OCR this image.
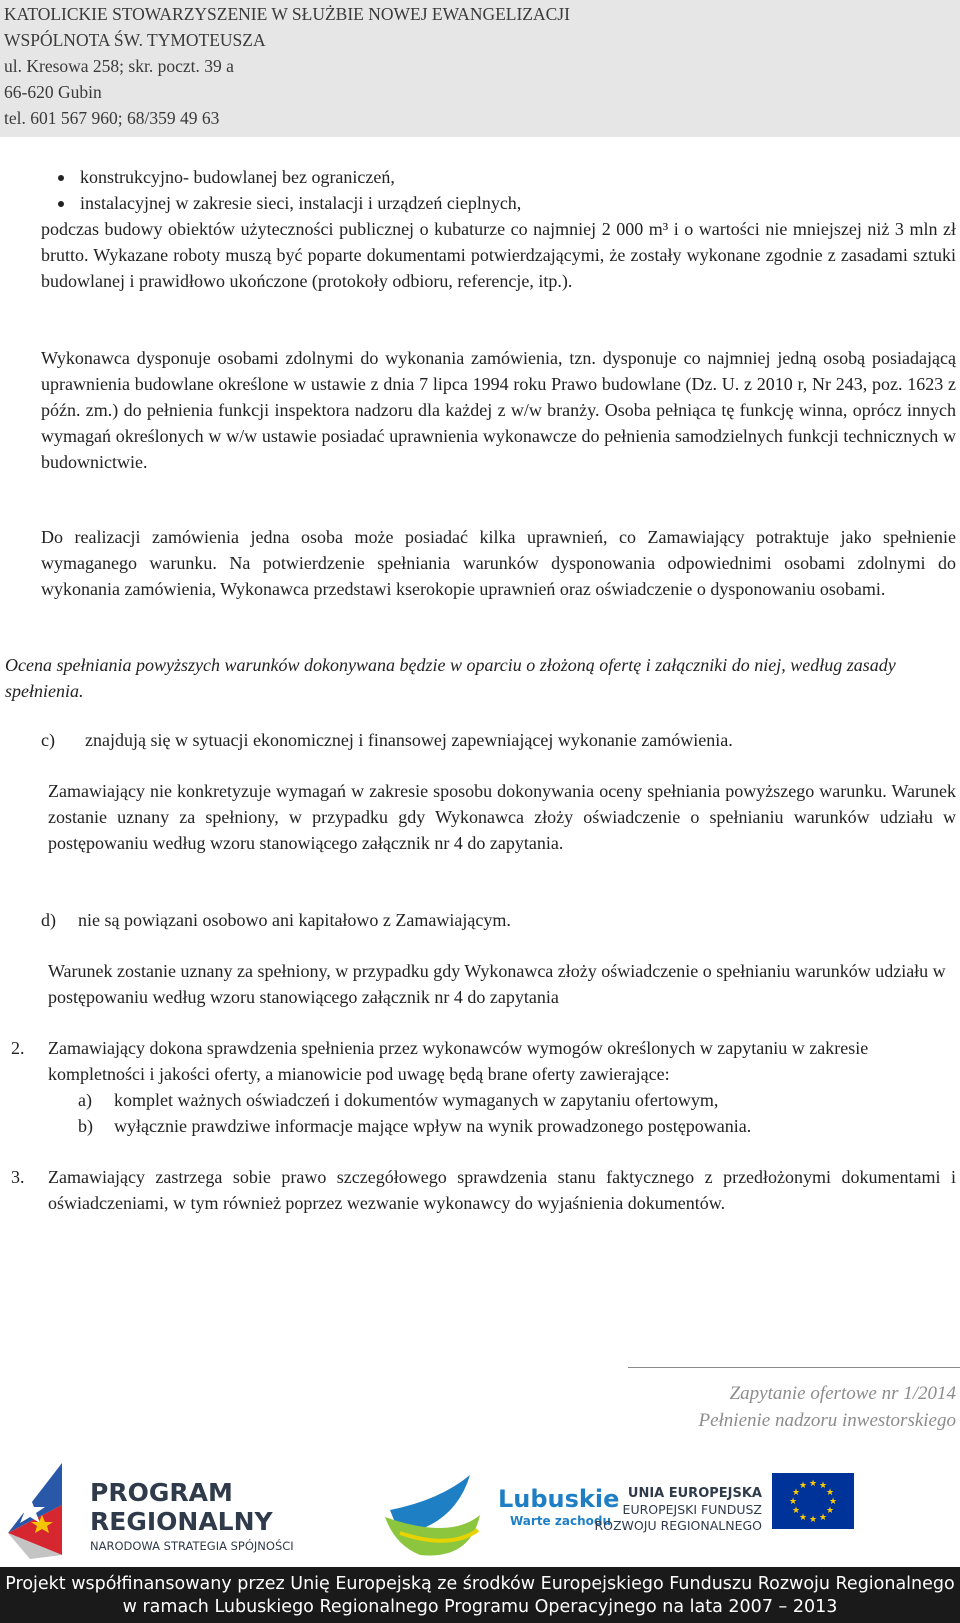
KATOLICKIE STOWARZYSZENIE W SŁUŻBIE NOWEJ EWANGELIZACJI
WSPÓLNOTA ŚW. TYMOTEUSZA
ul. Kresowa 258; skr. poczt. 39 a
66-620 Gubin
tel. 601 567 960; 68/359 49 63
konstrukcyjno- budowlanej bez ograniczeń,
instalacyjnej w zakresie sieci, instalacji i urządzeń cieplnych,
podczas budowy obiektów użyteczności publicznej o kubaturze co najmniej 2 000 m³ i o wartości nie mniejszej niż 3 mln zł brutto. Wykazane roboty muszą być poparte dokumentami potwierdzającymi, że zostały wykonane zgodnie z zasadami sztuki budowlanej i prawidłowo ukończone (protokoły odbioru, referencje, itp.).
Wykonawca dysponuje osobami zdolnymi do wykonania zamówienia, tzn. dysponuje co najmniej jedną osobą posiadającą uprawnienia budowlane określone w ustawie z dnia 7 lipca 1994 roku Prawo budowlane (Dz. U. z 2010 r, Nr 243, poz. 1623 z późn. zm.) do pełnienia funkcji inspektora nadzoru dla każdej z w/w branży. Osoba pełniąca tę funkcję winna, oprócz innych wymagań określonych w w/w ustawie posiadać uprawnienia wykonawcze do pełnienia samodzielnych funkcji technicznych w budownictwie.
Do realizacji zamówienia jedna osoba może posiadać kilka uprawnień, co Zamawiający potraktuje jako spełnienie wymaganego warunku. Na potwierdzenie spełniania warunków dysponowania odpowiednimi osobami zdolnymi do wykonania zamówienia, Wykonawca przedstawi kserokopie uprawnień oraz oświadczenie o dysponowaniu osobami.
Ocena spełniania powyższych warunków dokonywana będzie w oparciu o złożoną ofertę i załączniki do niej, według zasady spełnienia.
c) znajdują się w sytuacji ekonomicznej i finansowej zapewniającej wykonanie zamówienia.
Zamawiający nie konkretyzuje wymagań w zakresie sposobu dokonywania oceny spełniania powyższego warunku. Warunek zostanie uznany za spełniony, w przypadku gdy Wykonawca złoży oświadczenie o spełnianiu warunków udziału w postępowaniu według wzoru stanowiącego załącznik nr 4 do zapytania.
d) nie są powiązani osobowo ani kapitałowo z Zamawiającym.
Warunek zostanie uznany za spełniony, w przypadku gdy Wykonawca złoży oświadczenie o spełnianiu warunków udziału w postępowaniu według wzoru stanowiącego załącznik nr 4 do zapytania
2. Zamawiający dokona sprawdzenia spełnienia przez wykonawców wymogów określonych w zapytaniu w zakresie kompletności i jakości oferty, a mianowicie pod uwagę będą brane oferty zawierające:
a) komplet ważnych oświadczeń i dokumentów wymaganych w zapytaniu ofertowym,
b) wyłącznie prawdziwe informacje mające wpływ na wynik prowadzonego postępowania.
3. Zamawiający zastrzega sobie prawo szczegółowego sprawdzenia stanu faktycznego z przedłożonymi dokumentami i oświadczeniami, w tym również poprzez wezwanie wykonawcy do wyjaśnienia dokumentów.
Zapytanie ofertowe nr 1/2014
Pełnienie nadzoru inwestorskiego
PROGRAM
REGIONALNY
NARODOWA STRATEGIA SPÓJNOŚCI
Lubuskie
Warte zachodu
UNIA EUROPEJSKA
EUROPEJSKI FUNDUSZ
ROZWOJU REGIONALNEGO
★ ★
★
★
★
★
★
★
★
★
★
★
Projekt współfinansowany przez Unię Europejską ze środków Europejskiego Funduszu Rozwoju Regionalnego
w ramach Lubuskiego Regionalnego Programu Operacyjnego na lata 2007 – 2013
